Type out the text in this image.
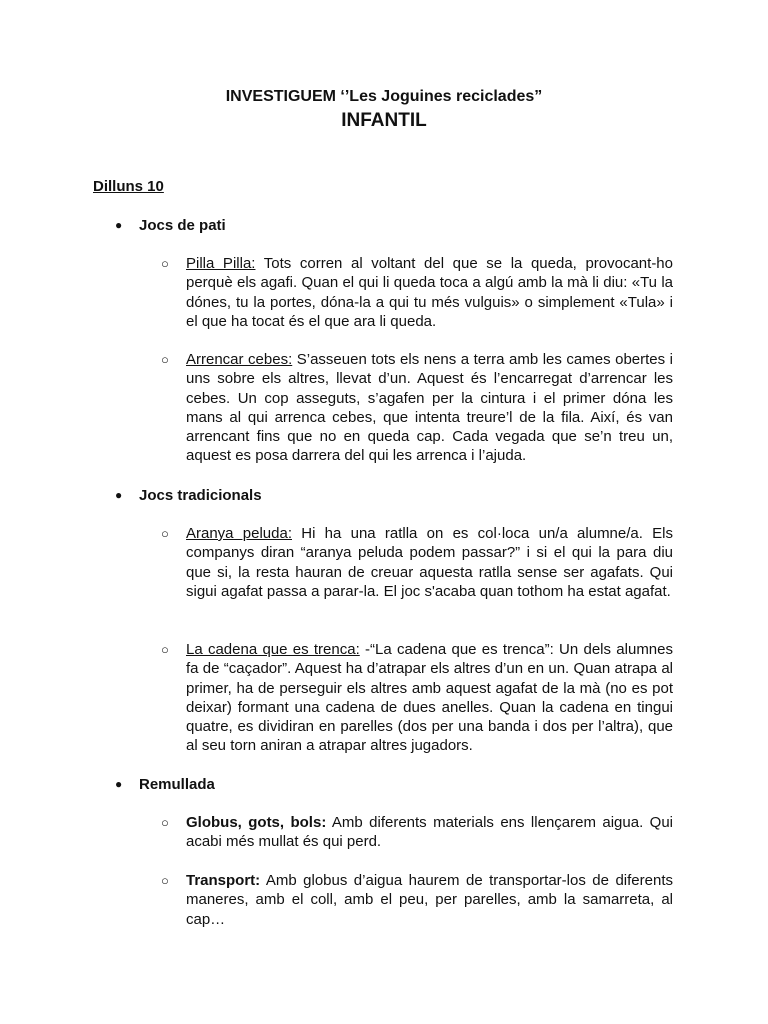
INVESTIGUEM ‘’Les Joguines reciclades”
INFANTIL
Dilluns 10
● Jocs de pati
○	Pilla Pilla: Tots corren al voltant del que se la queda, provocant-ho perquè els agafi. Quan el qui li queda toca a algú amb la mà li diu: «Tu la dónes, tu la portes, dóna-la a qui tu més vulguis» o simplement «Tula» i el que ha tocat és el que ara li queda.
○	Arrencar cebes: S’asseuen tots els nens a terra amb les cames obertes i uns sobre els altres, llevat d’un. Aquest és l’encarregat d’arrencar les cebes. Un cop asseguts, s’agafen per la cintura i el primer dóna les mans al qui arrenca cebes, que intenta treure’l de la fila. Així, és van arrencant fins que no en queda cap. Cada vegada que se’n treu un, aquest es posa darrera del qui les arrenca i l’ajuda.
● Jocs tradicionals
○	Aranya peluda: Hi ha una ratlla on es col·loca un/a alumne/a. Els companys diran “aranya peluda podem passar?” i si el qui la para diu que si, la resta hauran de creuar aquesta ratlla sense ser agafats. Qui sigui agafat passa a parar-la. El joc s'acaba quan tothom ha estat agafat.
○	La cadena que es trenca: -“La cadena que es trenca”: Un dels alumnes fa de “caçador”. Aquest ha d’atrapar els altres d’un en un. Quan atrapa al primer, ha de perseguir els altres amb aquest agafat de la mà (no es pot deixar) formant una cadena de dues anelles. Quan la cadena en tingui quatre, es dividiran en parelles (dos per una banda i dos per l’altra), que al seu torn aniran a atrapar altres jugadors.
● Remullada
○	Globus, gots, bols: Amb diferents materials ens llençarem aigua. Qui acabi més mullat és qui perd.
○	Transport: Amb globus d’aigua haurem de transportar-los de diferents maneres, amb el coll, amb el peu, per parelles, amb la samarreta, al cap…
